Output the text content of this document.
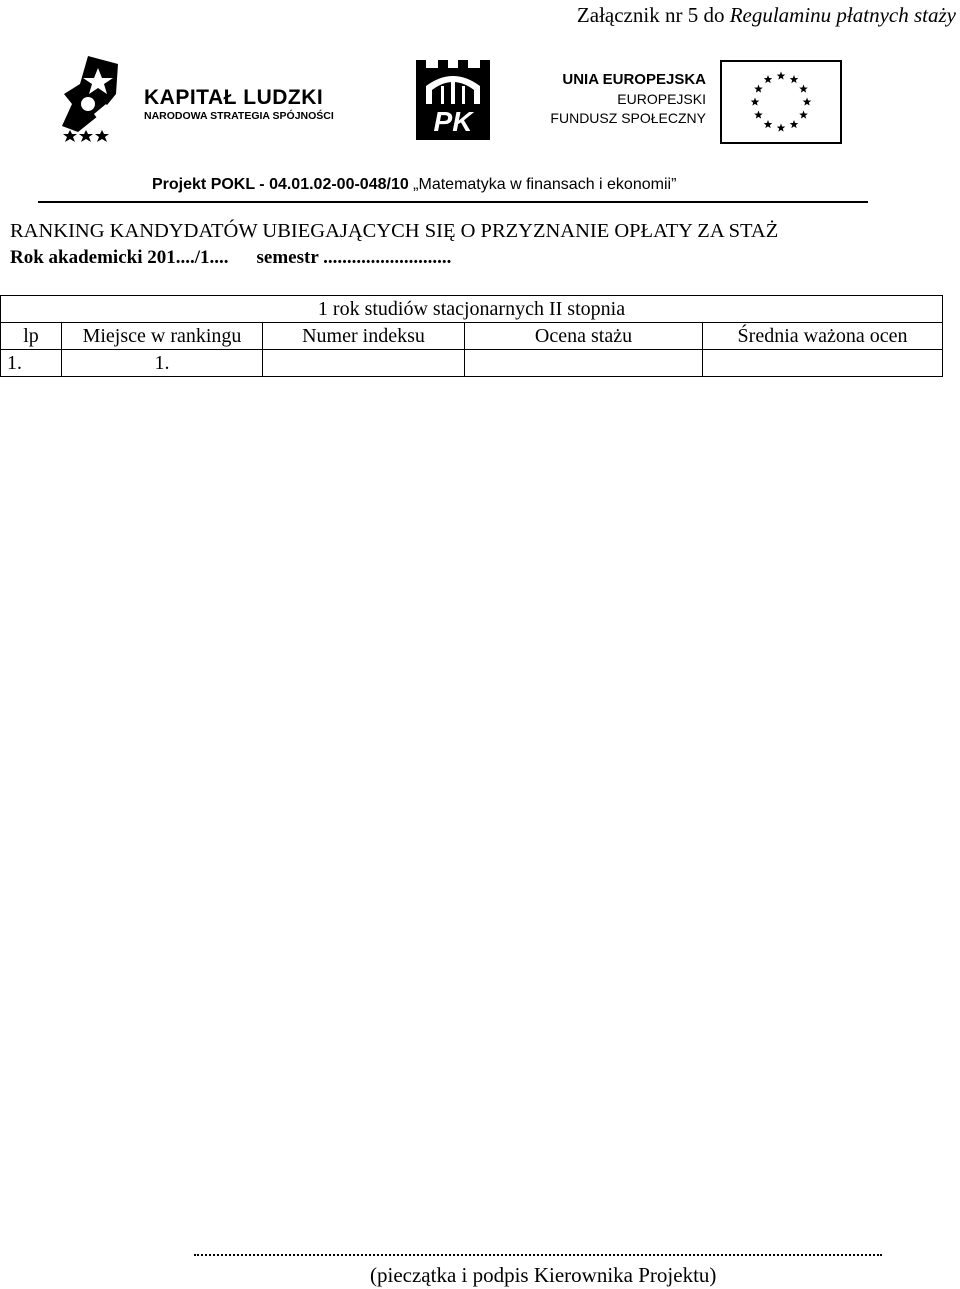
Załącznik nr 5 do Regulaminu płatnych staży
KAPITAŁ LUDZKI
NARODOWA STRATEGIA SPÓJNOŚCI	PK
UNIA EUROPEJSKA
EUROPEJSKI
FUNDUSZ SPOŁECZNY
Projekt POKL - 04.01.02-00-048/10 „Matematyka w finansach i ekonomii”
RANKING KANDYDATÓW UBIEGAJĄCYCH SIĘ O PRZYZNANIE OPŁATY ZA STAŻ
Rok akademicki 201..../1.... semestr ...........................
1 rok studiów stacjonarnych II stopnia				
lp	Miejsce w rankingu	Numer indeksu	Ocena stażu	Średnia ważona ocen
1.	1.			
(pieczątka i podpis Kierownika Projektu)
